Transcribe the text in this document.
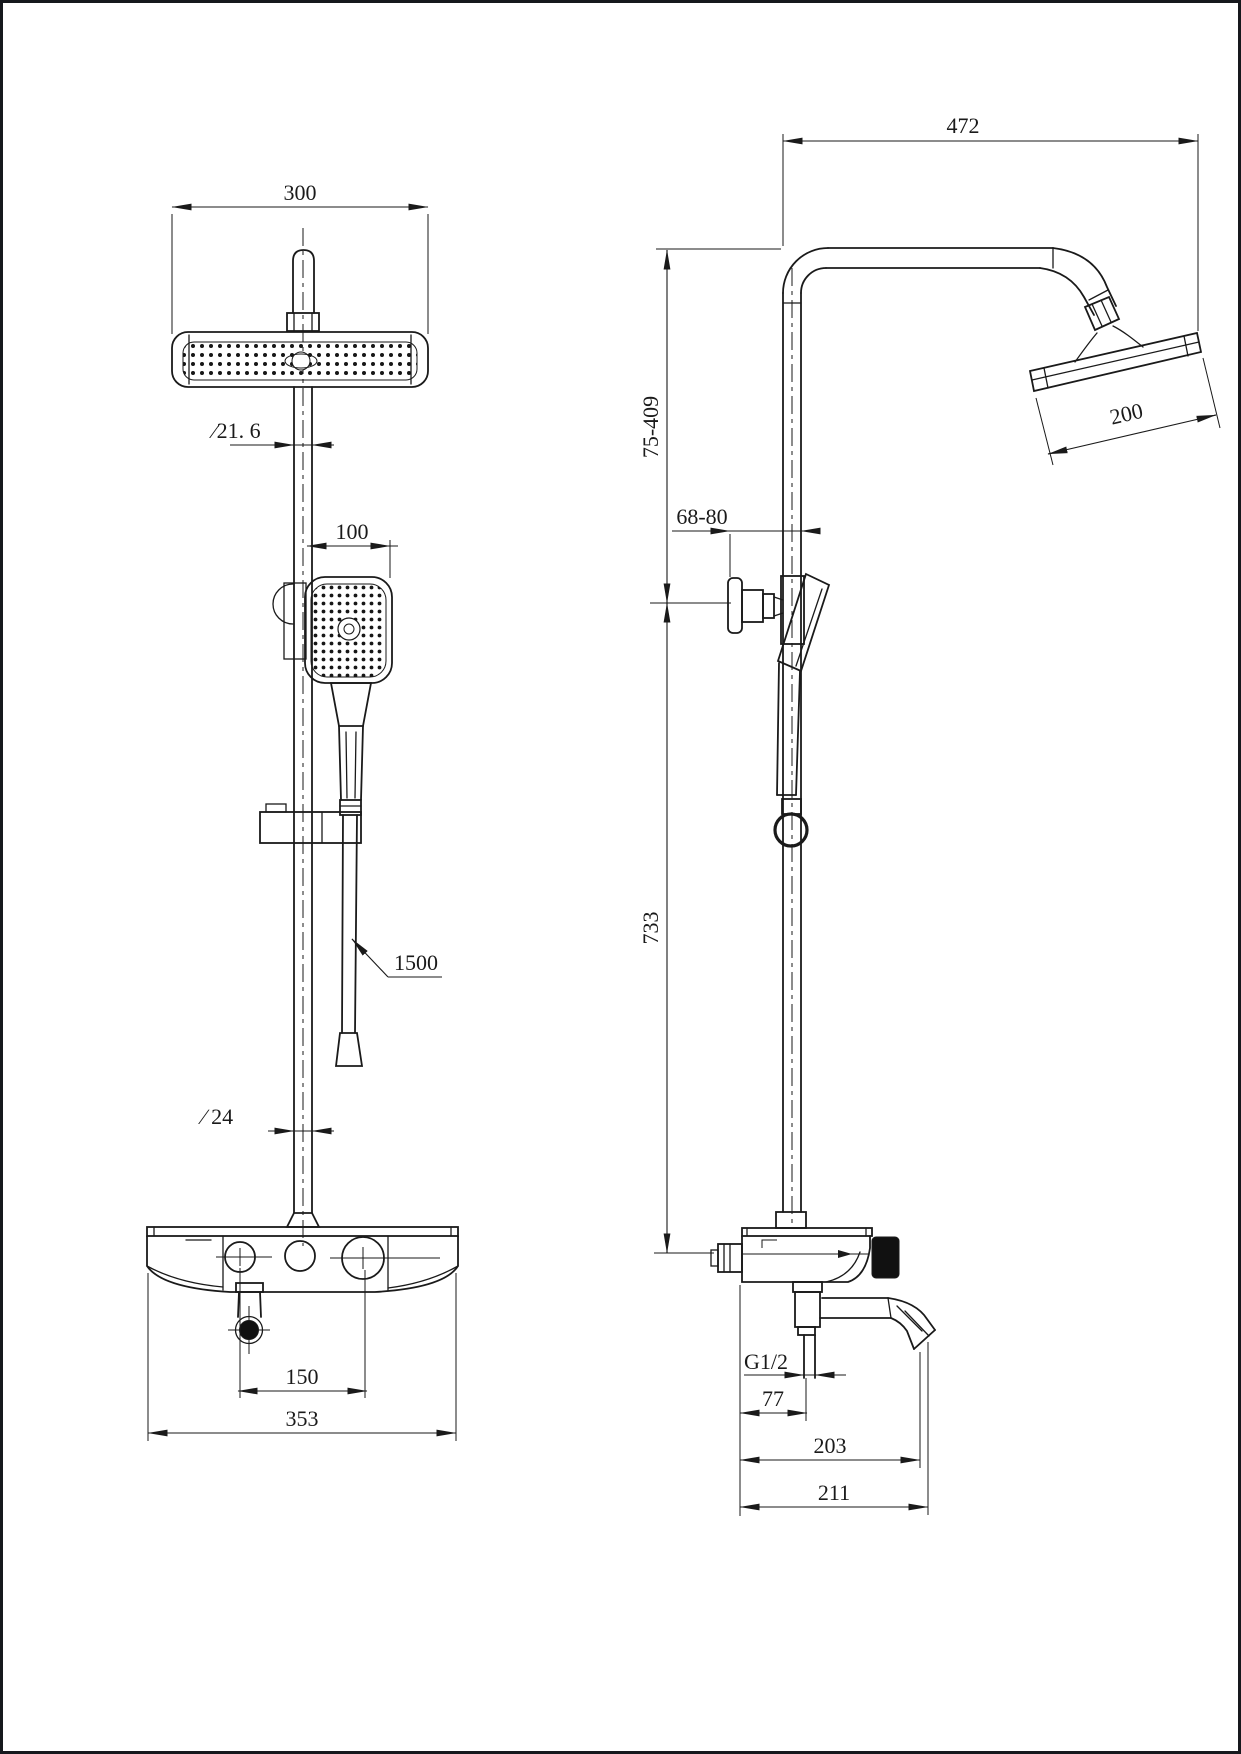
300
∕21. 6
100
1500
∕ 24
150
353
472
75-409
733
68-80
200
G1/2
77
203
211
